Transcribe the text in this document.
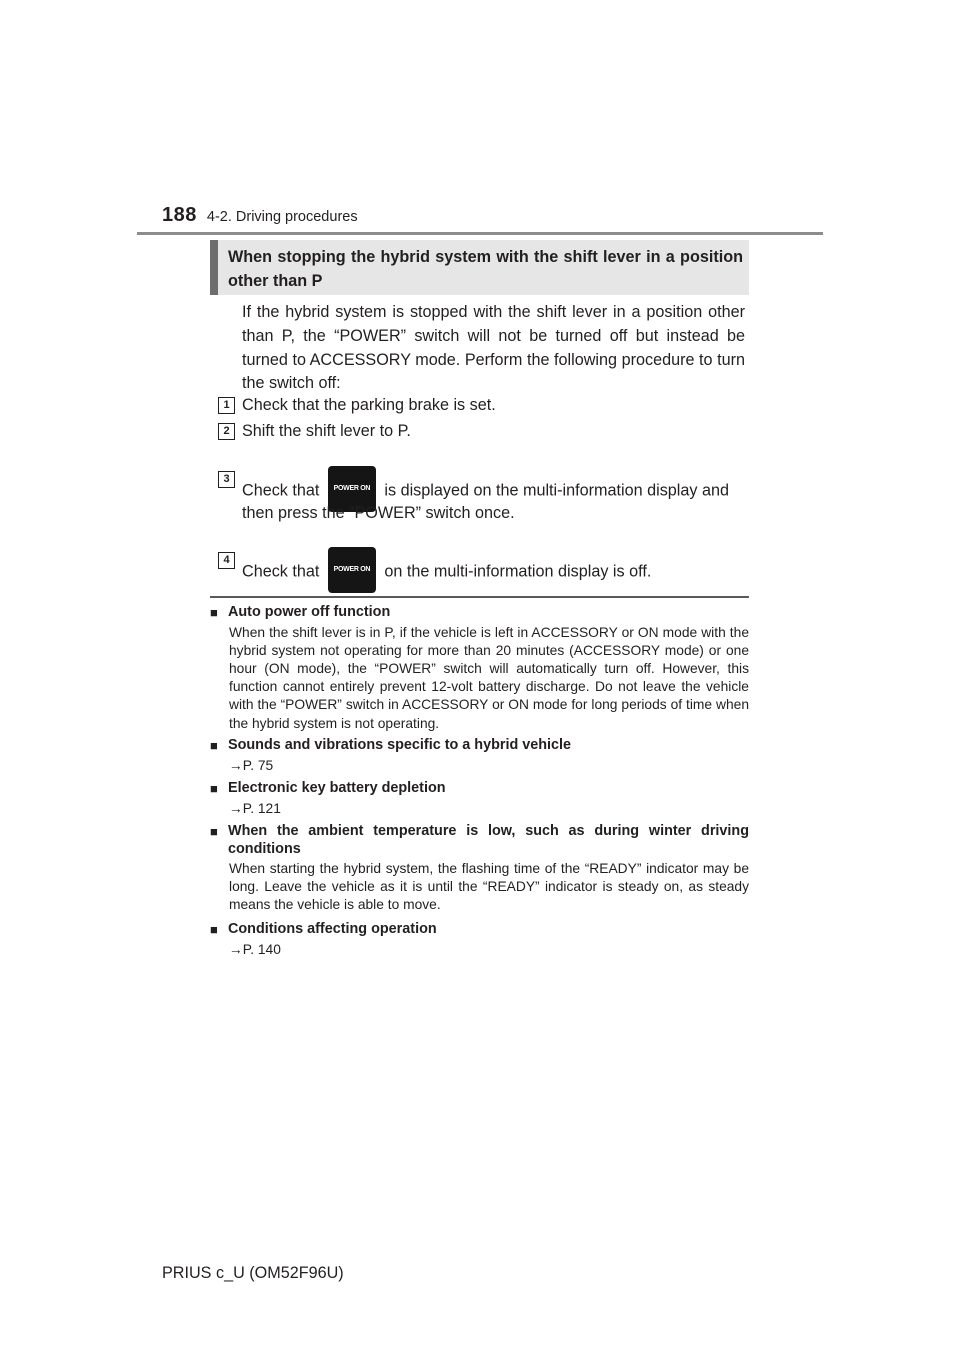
188 4-2. Driving procedures
When stopping the hybrid system with the shift lever in a position other than P
If the hybrid system is stopped with the shift lever in a position other than P, the “POWER” switch will not be turned off but instead be turned to ACCESSORY mode. Perform the following procedure to turn the switch off:
1 Check that the parking brake is set.
2 Shift the shift lever to P.
3
Check that POWER ON is displayed on the multi-information display and
then press the “POWER” switch once.
4
Check that POWER ON on the multi-information display is off.
■ Auto power off function
When the shift lever is in P, if the vehicle is left in ACCESSORY or ON mode with the hybrid system not operating for more than 20 minutes (ACCESSORY mode) or one hour (ON mode), the “POWER” switch will automatically turn off. However, this function cannot entirely prevent 12-volt battery discharge. Do not leave the vehicle with the “POWER” switch in ACCESSORY or ON mode for long periods of time when the hybrid system is not operating.
■ Sounds and vibrations specific to a hybrid vehicle
→P. 75
■ Electronic key battery depletion
→P. 121
■ When the ambient temperature is low, such as during winter driving conditions
When starting the hybrid system, the flashing time of the “READY” indicator may be long. Leave the vehicle as it is until the “READY” indicator is steady on, as steady means the vehicle is able to move.
■ Conditions affecting operation
→P. 140
PRIUS c_U (OM52F96U)
